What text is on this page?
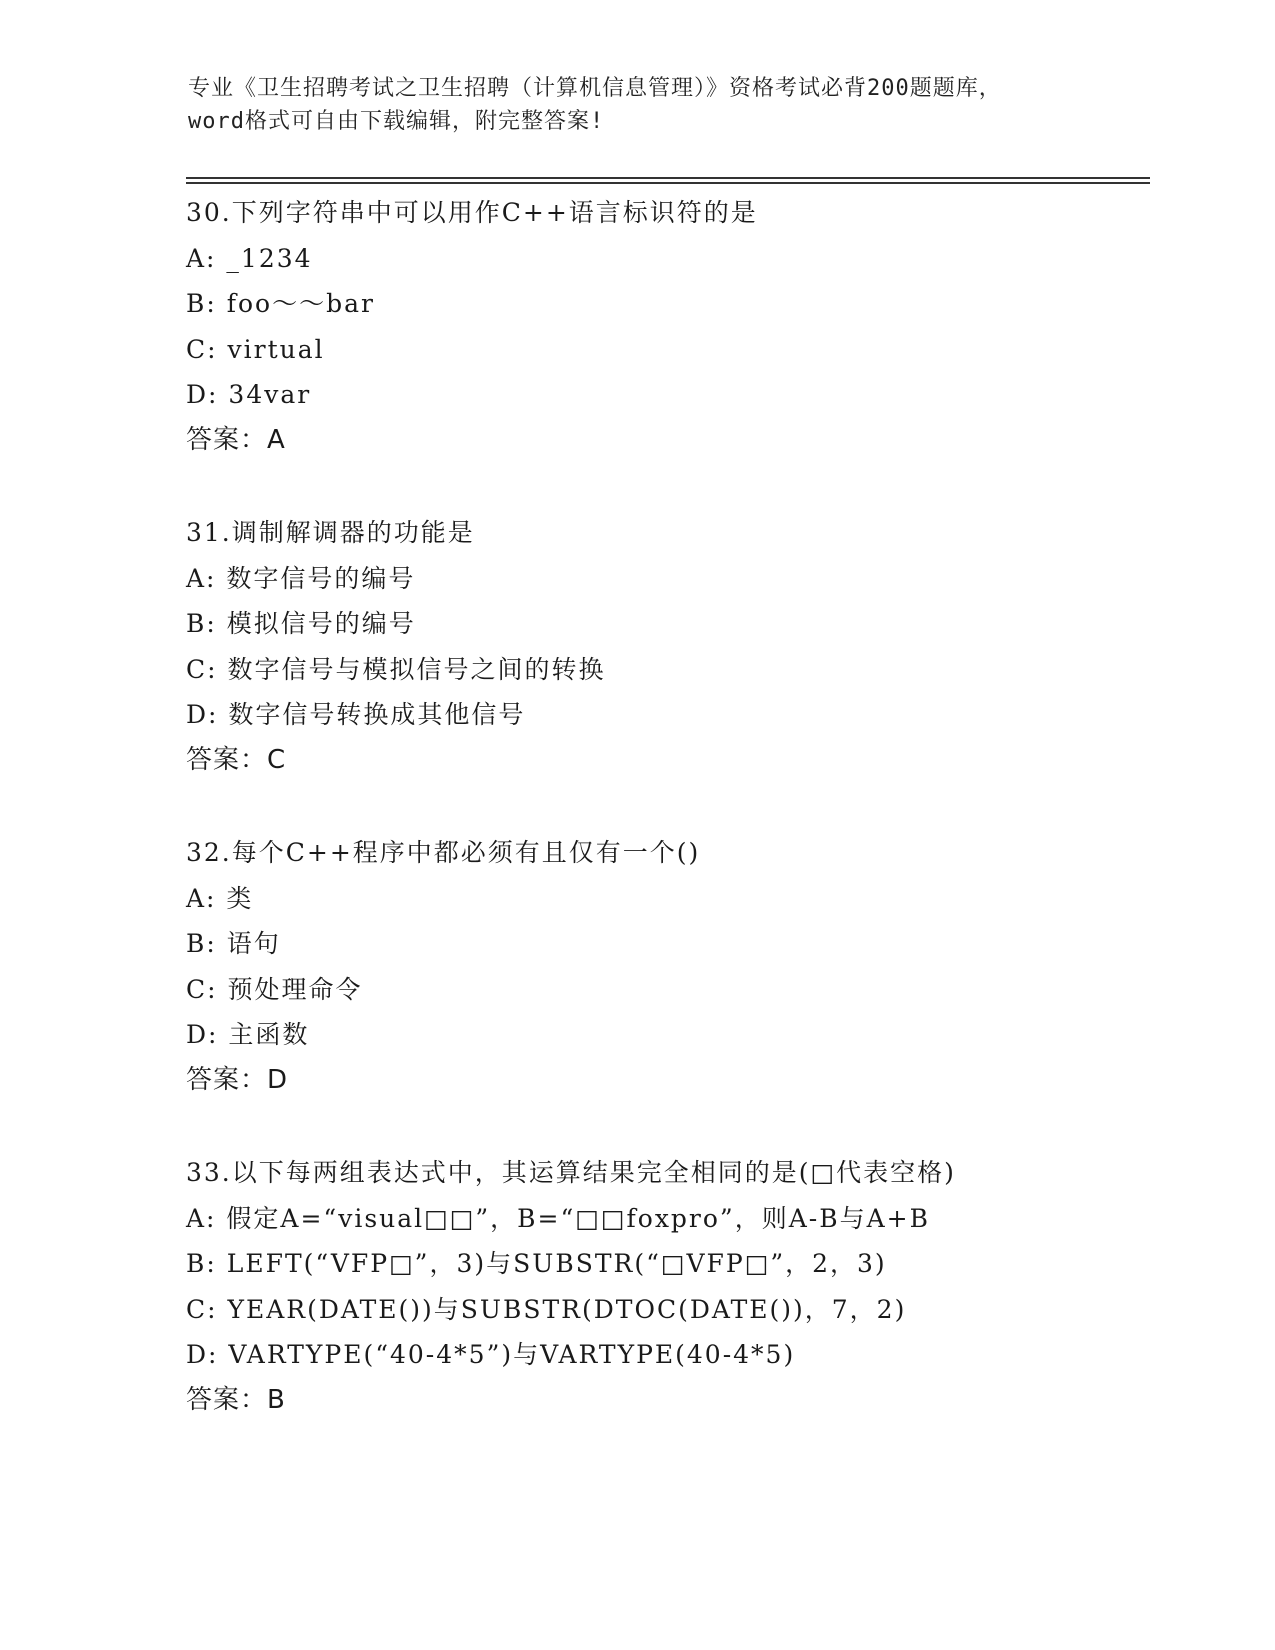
专业《卫生招聘考试之卫生招聘（计算机信息管理）》资格考试必背200题题库，
word格式可自由下载编辑，附完整答案!
30.下列字符串中可以用作C++语言标识符的是
A: _1234
B: foo～～bar
C: virtual
D: 34var
答案：A
31.调制解调器的功能是
A: 数字信号的编号
B: 模拟信号的编号
C: 数字信号与模拟信号之间的转换
D: 数字信号转换成其他信号
答案：C
32.每个C++程序中都必须有且仅有一个()
A: 类
B: 语句
C: 预处理命令
D: 主函数
答案：D
33.以下每两组表达式中，其运算结果完全相同的是(□代表空格)
A: 假定A=“visual□□”，B=“□□foxpro”，则A-B与A+B
B: LEFT(“VFP□”，3)与SUBSTR(“□VFP□”，2，3)
C: YEAR(DATE())与SUBSTR(DTOC(DATE())，7，2)
D: VARTYPE(“40-4*5”)与VARTYPE(40-4*5)
答案：B
